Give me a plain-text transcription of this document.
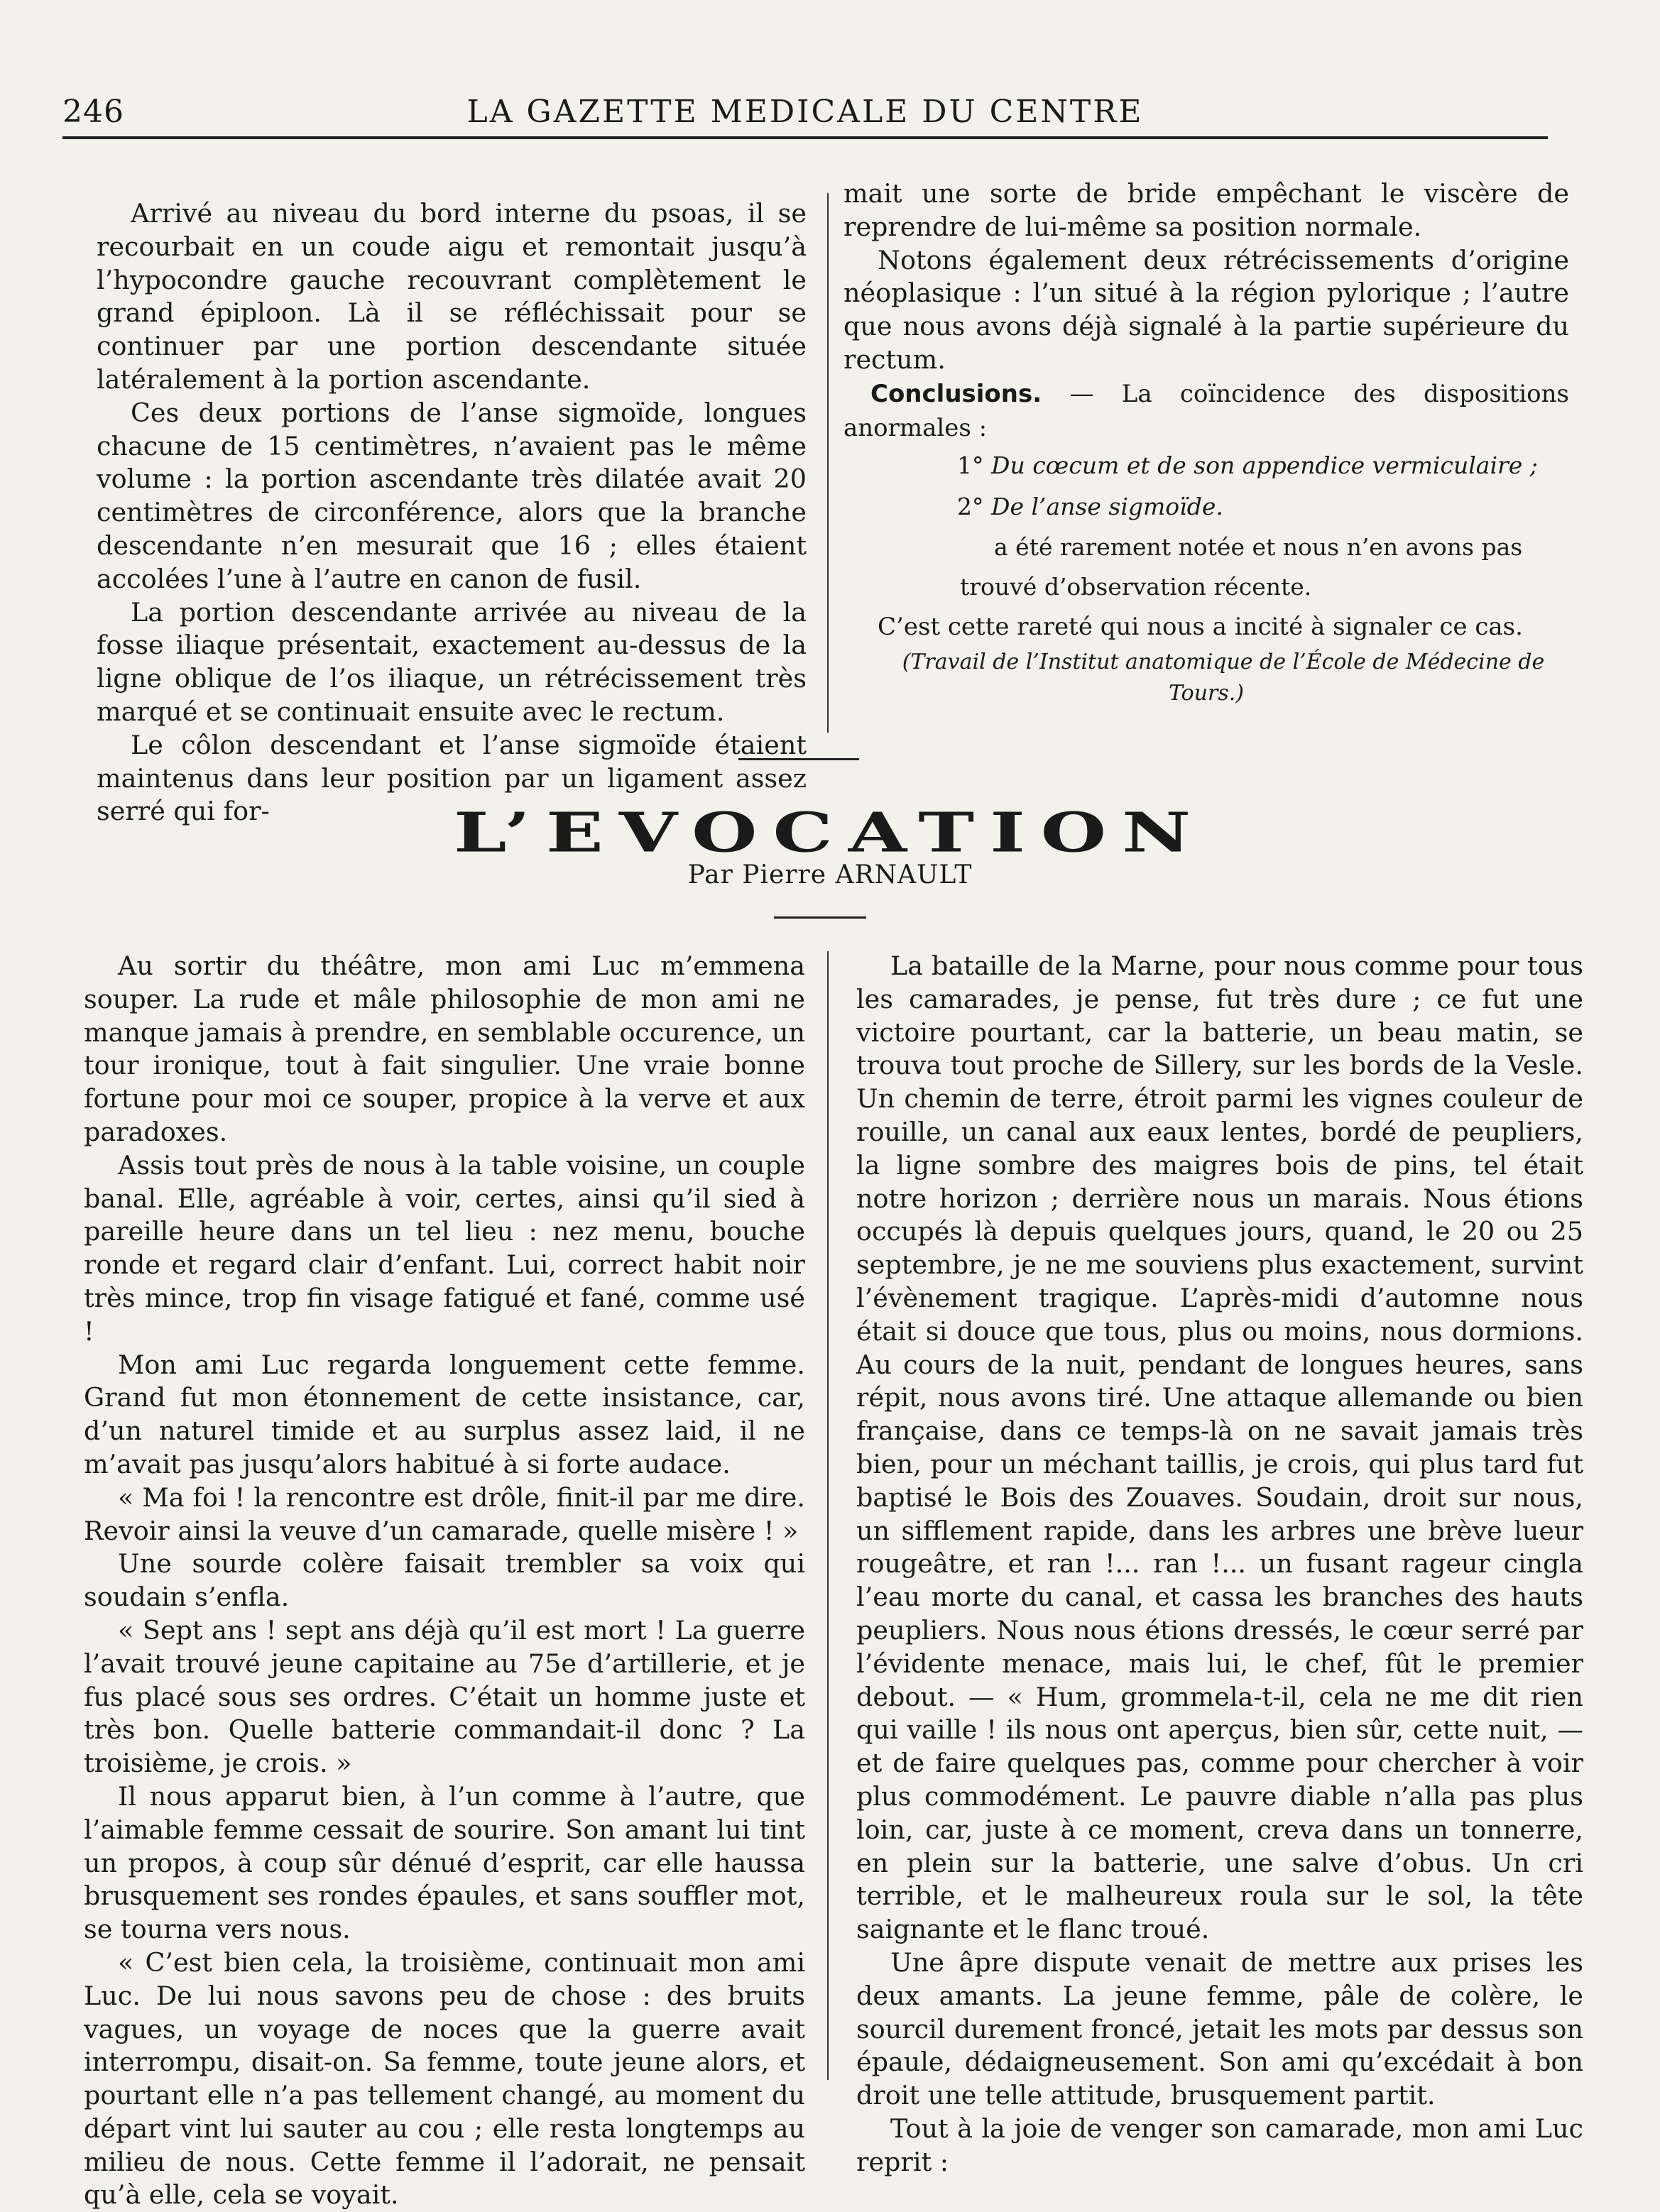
246	LA GAZETTE MEDICALE DU CENTRE

Arrivé au niveau du bord interne du psoas, il se recourbait en un coude aigu et remontait jusqu’à l’hypocondre gauche recouvrant complètement le grand épiploon. Là il se réfléchissait pour se continuer par une portion descendante située latéralement à la portion ascendante.

Ces deux portions de l’anse sigmoïde, longues chacune de 15 centimètres, n’avaient pas le même volume : la portion ascendante très dilatée avait 20 centimètres de circonférence, alors que la branche descendante n’en mesurait que 16 ; elles étaient accolées l’une à l’autre en canon de fusil.

La portion descendante arrivée au niveau de la fosse iliaque présentait, exactement au-dessus de la ligne oblique de l’os iliaque, un rétrécissement très marqué et se continuait ensuite avec le rectum.

Le côlon descendant et l’anse sigmoïde étaient maintenus dans leur position par un ligament assez serré qui for-

mait une sorte de bride empêchant le viscère de reprendre de lui-même sa position normale.

Notons également deux rétrécissements d’origine néoplasique : l’un situé à la région pylorique ; l’autre que nous avons déjà signalé à la partie supérieure du rectum.

Conclusions. — La coïncidence des dispositions anormales :

1° Du cœcum et de son appendice vermiculaire ;

2° De l’anse sigmoïde.

a été rarement notée et nous n’en avons pas trouvé d’observation récente.

C’est cette rareté qui nous a incité à signaler ce cas.

(Travail de l’Institut anatomique de l’École de Médecine de Tours.)

L’EVOCATION
Par Pierre ARNAULT

Au sortir du théâtre, mon ami Luc m’emmena souper. La rude et mâle philosophie de mon ami ne manque jamais à prendre, en semblable occurence, un tour ironique, tout à fait singulier. Une vraie bonne fortune pour moi ce souper, propice à la verve et aux paradoxes.

Assis tout près de nous à la table voisine, un couple banal. Elle, agréable à voir, certes, ainsi qu’il sied à pareille heure dans un tel lieu : nez menu, bouche ronde et regard clair d’enfant. Lui, correct habit noir très mince, trop fin visage fatigué et fané, comme usé !

Mon ami Luc regarda longuement cette femme. Grand fut mon étonnement de cette insistance, car, d’un naturel timide et au surplus assez laid, il ne m’avait pas jusqu’alors habitué à si forte audace.

« Ma foi ! la rencontre est drôle, finit-il par me dire. Revoir ainsi la veuve d’un camarade, quelle misère ! »

Une sourde colère faisait trembler sa voix qui soudain s’enfla.

« Sept ans ! sept ans déjà qu’il est mort ! La guerre l’avait trouvé jeune capitaine au 75e d’artillerie, et je fus placé sous ses ordres. C’était un homme juste et très bon. Quelle batterie commandait-il donc ? La troisième, je crois. »

Il nous apparut bien, à l’un comme à l’autre, que l’aimable femme cessait de sourire. Son amant lui tint un propos, à coup sûr dénué d’esprit, car elle haussa brusquement ses rondes épaules, et sans souffler mot, se tourna vers nous.

« C’est bien cela, la troisième, continuait mon ami Luc. De lui nous savons peu de chose : des bruits vagues, un voyage de noces que la guerre avait interrompu, disait-on. Sa femme, toute jeune alors, et pourtant elle n’a pas tellement changé, au moment du départ vint lui sauter au cou ; elle resta longtemps au milieu de nous. Cette femme il l’adorait, ne pensait qu’à elle, cela se voyait.

La bataille de la Marne, pour nous comme pour tous les camarades, je pense, fut très dure ; ce fut une victoire pourtant, car la batterie, un beau matin, se trouva tout proche de Sillery, sur les bords de la Vesle. Un chemin de terre, étroit parmi les vignes couleur de rouille, un canal aux eaux lentes, bordé de peupliers, la ligne sombre des maigres bois de pins, tel était notre horizon ; derrière nous un marais. Nous étions occupés là depuis quelques jours, quand, le 20 ou 25 septembre, je ne me souviens plus exactement, survint l’évènement tragique. L’après-midi d’automne nous était si douce que tous, plus ou moins, nous dormions. Au cours de la nuit, pendant de longues heures, sans répit, nous avons tiré. Une attaque allemande ou bien française, dans ce temps-là on ne savait jamais très bien, pour un méchant taillis, je crois, qui plus tard fut baptisé le Bois des Zouaves. Soudain, droit sur nous, un sifflement rapide, dans les arbres une brève lueur rougeâtre, et ran !... ran !... un fusant rageur cingla l’eau morte du canal, et cassa les branches des hauts peupliers. Nous nous étions dressés, le cœur serré par l’évidente menace, mais lui, le chef, fût le premier debout. — « Hum, grommela-t-il, cela ne me dit rien qui vaille ! ils nous ont aperçus, bien sûr, cette nuit, — et de faire quelques pas, comme pour chercher à voir plus commodément. Le pauvre diable n’alla pas plus loin, car, juste à ce moment, creva dans un tonnerre, en plein sur la batterie, une salve d’obus. Un cri terrible, et le malheureux roula sur le sol, la tête saignante et le flanc troué.

Une âpre dispute venait de mettre aux prises les deux amants. La jeune femme, pâle de colère, le sourcil durement froncé, jetait les mots par dessus son épaule, dédaigneusement. Son ami qu’excédait à bon droit une telle attitude, brusquement partit.

Tout à la joie de venger son camarade, mon ami Luc reprit :
